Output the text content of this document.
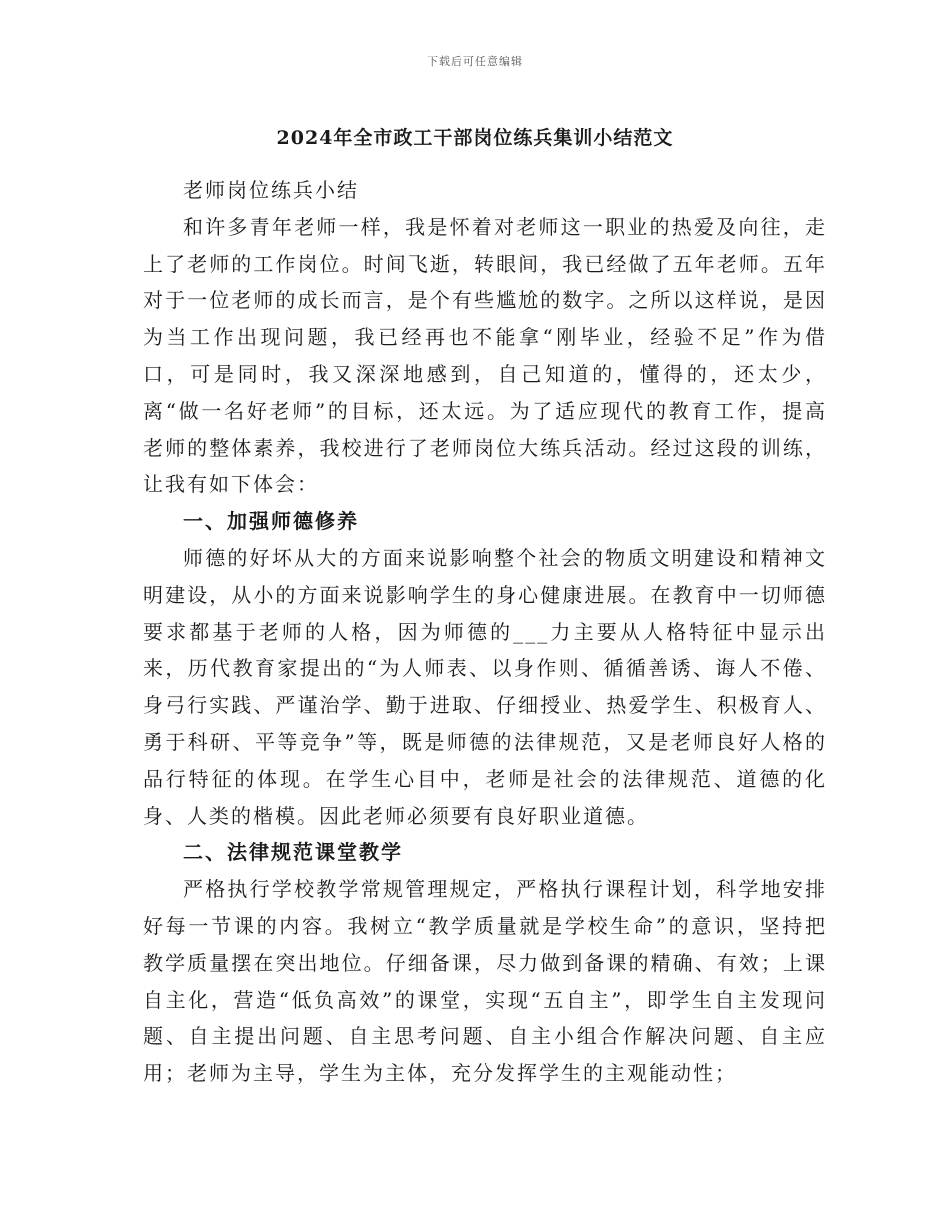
下载后可任意编辑
2024年全市政工干部岗位练兵集训小结范文

老师岗位练兵小结

和许多青年老师一样，我是怀着对老师这一职业的热爱及向往，走上了老师的工作岗位。时间飞逝，转眼间，我已经做了五年老师。五年对于一位老师的成长而言，是个有些尴尬的数字。之所以这样说，是因为当工作出现问题，我已经再也不能拿“刚毕业，经验不足”作为借口，可是同时，我又深深地感到，自己知道的，懂得的，还太少，离“做一名好老师”的目标，还太远。为了适应现代的教育工作，提高老师的整体素养，我校进行了老师岗位大练兵活动。经过这段的训练，让我有如下体会：

一、加强师德修养

师德的好坏从大的方面来说影响整个社会的物质文明建设和精神文明建设，从小的方面来说影响学生的身心健康进展。在教育中一切师德要求都基于老师的人格，因为师德的___力主要从人格特征中显示出来，历代教育家提出的“为人师表、以身作则、循循善诱、诲人不倦、身弓行实践、严谨治学、勤于进取、仔细授业、热爱学生、积极育人、勇于科研、平等竞争”等，既是师德的法律规范，又是老师良好人格的品行特征的体现。在学生心目中，老师是社会的法律规范、道德的化身、人类的楷模。因此老师必须要有良好职业道德。

二、法律规范课堂教学

严格执行学校教学常规管理规定，严格执行课程计划，科学地安排好每一节课的内容。我树立“教学质量就是学校生命”的意识，坚持把教学质量摆在突出地位。仔细备课，尽力做到备课的精确、有效；上课自主化，营造“低负高效”的课堂，实现“五自主”，即学生自主发现问题、自主提出问题、自主思考问题、自主小组合作解决问题、自主应用；老师为主导，学生为主体，充分发挥学生的主观能动性；
